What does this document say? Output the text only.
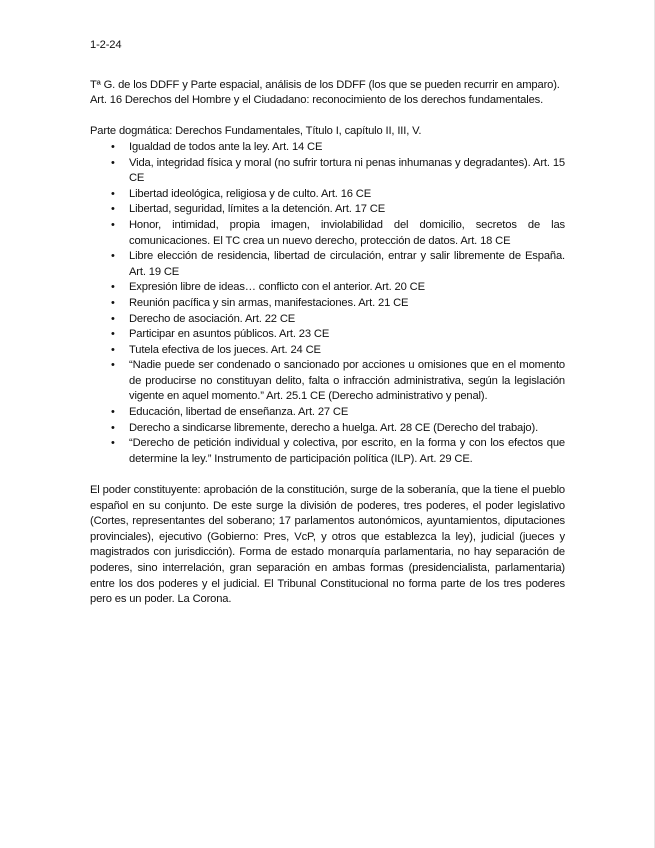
1-2-24

Tª G. de los DDFF y Parte espacial, análisis de los DDFF (los que se pueden recurrir en amparo).

Art. 16 Derechos del Hombre y el Ciudadano: reconocimiento de los derechos fundamentales.

Parte dogmática: Derechos Fundamentales, Título I, capítulo II, III, V.

• Igualdad de todos ante la ley. Art. 14 CE
• Vida, integridad física y moral (no sufrir tortura ni penas inhumanas y degradantes). Art. 15 CE
• Libertad ideológica, religiosa y de culto. Art. 16 CE
• Libertad, seguridad, límites a la detención. Art. 17 CE
• Honor, intimidad, propia imagen, inviolabilidad del domicilio, secretos de las comunicaciones. El TC crea un nuevo derecho, protección de datos. Art. 18 CE
• Libre elección de residencia, libertad de circulación, entrar y salir libremente de España. Art. 19 CE
• Expresión libre de ideas… conflicto con el anterior. Art. 20 CE
• Reunión pacífica y sin armas, manifestaciones. Art. 21 CE
• Derecho de asociación. Art. 22 CE
• Participar en asuntos públicos. Art. 23 CE
• Tutela efectiva de los jueces. Art. 24 CE
• “Nadie puede ser condenado o sancionado por acciones u omisiones que en el momento de producirse no constituyan delito, falta o infracción administrativa, según la legislación vigente en aquel momento.” Art. 25.1 CE (Derecho administrativo y penal).
• Educación, libertad de enseñanza. Art. 27 CE
• Derecho a sindicarse libremente, derecho a huelga. Art. 28 CE (Derecho del trabajo).
• “Derecho de petición individual y colectiva, por escrito, en la forma y con los efectos que determine la ley.” Instrumento de participación política (ILP). Art. 29 CE.

El poder constituyente: aprobación de la constitución, surge de la soberanía, que la tiene el pueblo español en su conjunto. De este surge la división de poderes, tres poderes, el poder legislativo (Cortes, representantes del soberano; 17 parlamentos autonómicos, ayuntamientos, diputaciones provinciales), ejecutivo (Gobierno: Pres, VcP, y otros que establezca la ley), judicial (jueces y magistrados con jurisdicción). Forma de estado monarquía parlamentaria, no hay separación de poderes, sino interrelación, gran separación en ambas formas (presidencialista, parlamentaria) entre los dos poderes y el judicial. El Tribunal Constitucional no forma parte de los tres poderes pero es un poder. La Corona.
